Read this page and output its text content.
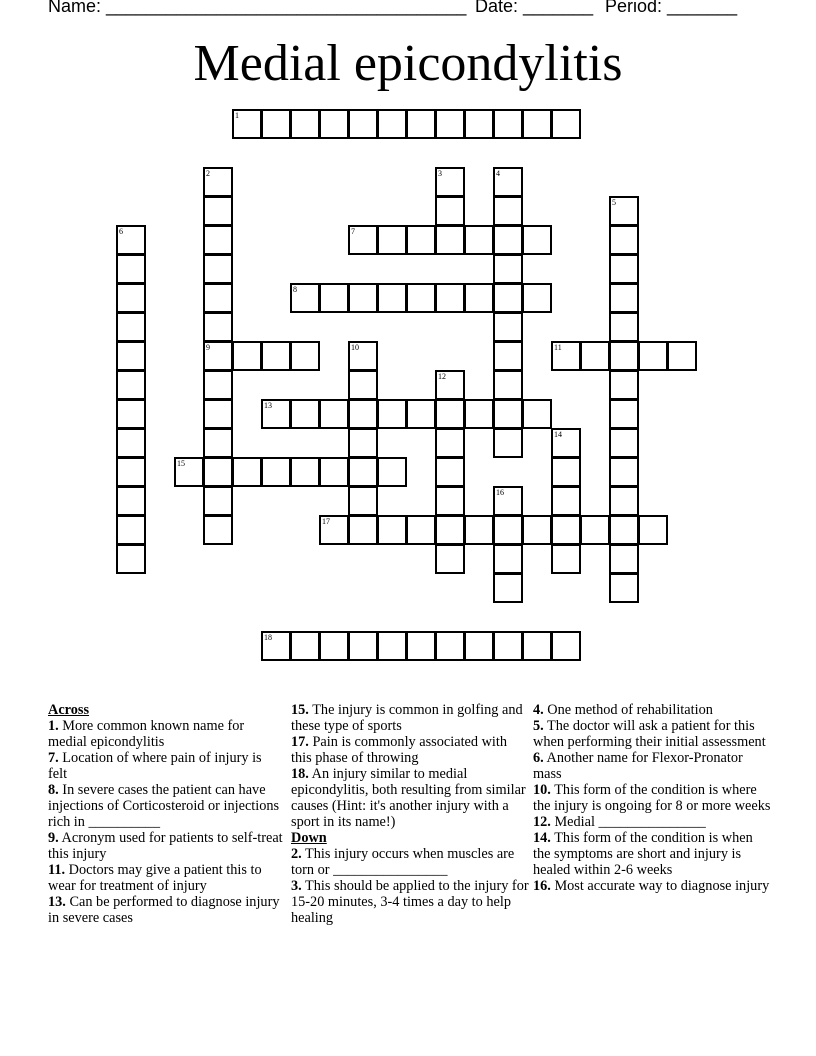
Name: ____________________________________

Date: _______

Period: _______

Medial epicondylitis
1
2
9
3	4
5
6	7
8
10	11
12
13
14
15
16
17
18
Across
1. More common known name for medial epicondylitis
7. Location of where pain of injury is felt
8. In severe cases the patient can have injections of Corticosteroid or injections rich in __________
9. Acronym used for patients to self-treat this injury
11. Doctors may give a patient this to wear for treatment of injury
13. Can be performed to diagnose injury in severe cases
15. The injury is common in golfing and these type of sports
17. Pain is commonly associated with this phase of throwing
18. An injury similar to medial epicondylitis, both resulting from similar causes (Hint: it's another injury with a sport in its name!)
Down
2. This injury occurs when muscles are torn or ________________
3. This should be applied to the injury for 15-20 minutes, 3-4 times a day to help healing
4. One method of rehabilitation
5. The doctor will ask a patient for this when performing their initial assessment
6. Another name for Flexor-Pronator mass
10. This form of the condition is where the injury is ongoing for 8 or more weeks
12. Medial _______________
14. This form of the condition is when the symptoms are short and injury is healed within 2-6 weeks
16. Most accurate way to diagnose injury
